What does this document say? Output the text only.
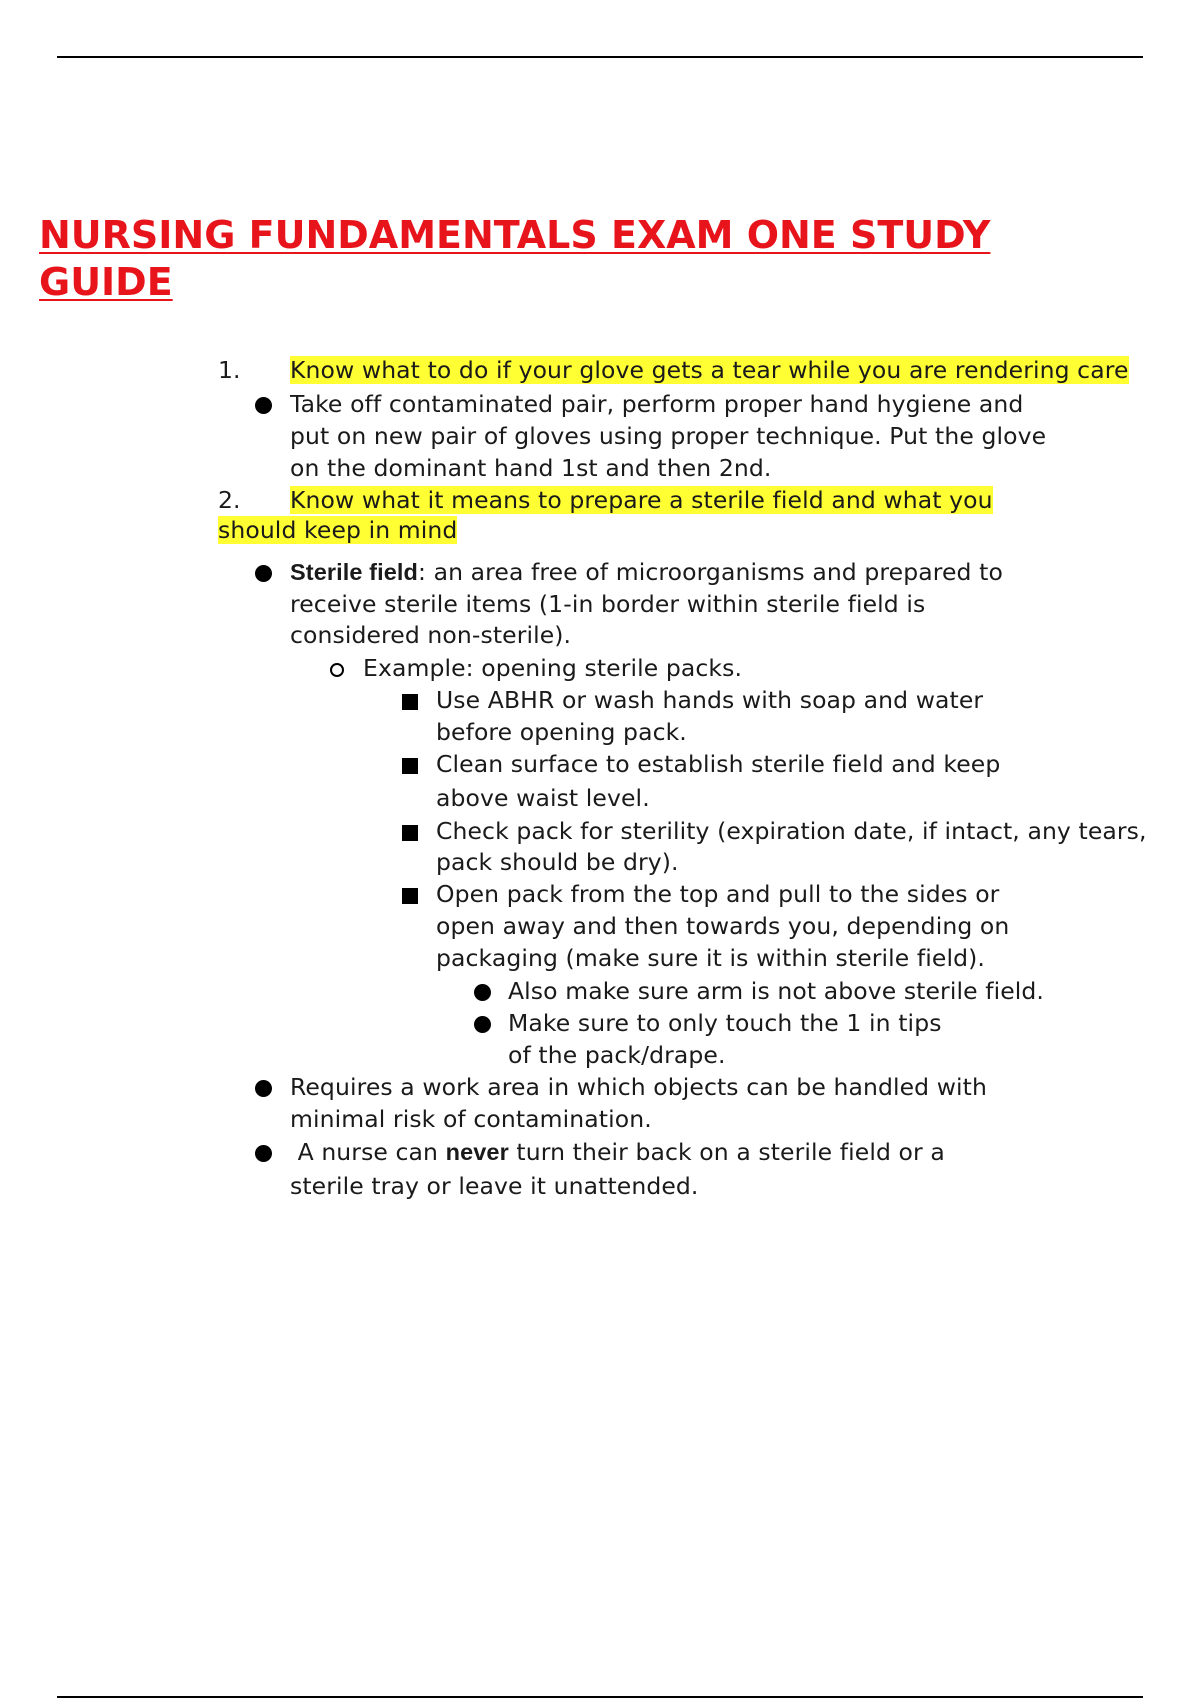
NURSING FUNDAMENTALS EXAM ONE STUDY
GUIDE
1. Know what to do if your glove gets a tear while you are rendering care
Take off contaminated pair, perform proper hand hygiene and
put on new pair of gloves using proper technique. Put the glove
on the dominant hand 1st and then 2nd.
2. Know what it means to prepare a sterile field and what you
should keep in mind
Sterile field: an area free of microorganisms and prepared to
receive sterile items (1-in border within sterile field is
considered non-sterile).
Example: opening sterile packs.
Use ABHR or wash hands with soap and water
before opening pack.
Clean surface to establish sterile field and keep
above waist level.
Check pack for sterility (expiration date, if intact, any tears,
pack should be dry).
Open pack from the top and pull to the sides or
open away and then towards you, depending on
packaging (make sure it is within sterile field).
Also make sure arm is not above sterile field.
Make sure to only touch the 1 in tips
of the pack/drape.
Requires a work area in which objects can be handled with
minimal risk of contamination.
A nurse can never turn their back on a sterile field or a
sterile tray or leave it unattended.
